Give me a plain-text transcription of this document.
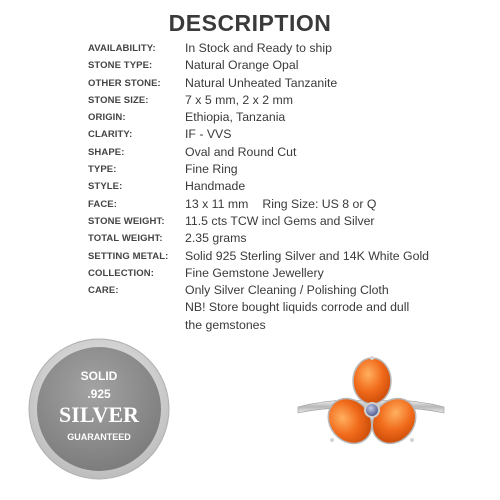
DESCRIPTION
AVAILABILITY:	In Stock and Ready to ship
STONE TYPE:	Natural Orange Opal
OTHER STONE:	Natural Unheated Tanzanite
STONE SIZE:	7 x 5 mm, 2 x 2 mm
ORIGIN:	Ethiopia, Tanzania
CLARITY:	IF - VVS
SHAPE:	Oval and Round Cut
TYPE:	Fine Ring
STYLE:	Handmade
FACE:	13 x 11 mm Ring Size: US 8 or Q
STONE WEIGHT:	11.5 cts TCW incl Gems and Silver
TOTAL WEIGHT:	2.35 grams
SETTING METAL:	Solid 925 Sterling Silver and 14K White Gold
COLLECTION:	Fine Gemstone Jewellery
CARE:	Only Silver Cleaning / Polishing Cloth
NB! Store bought liquids corrode and dull
the gemstones
SOLID
.925
SILVER
GUARANTEED
